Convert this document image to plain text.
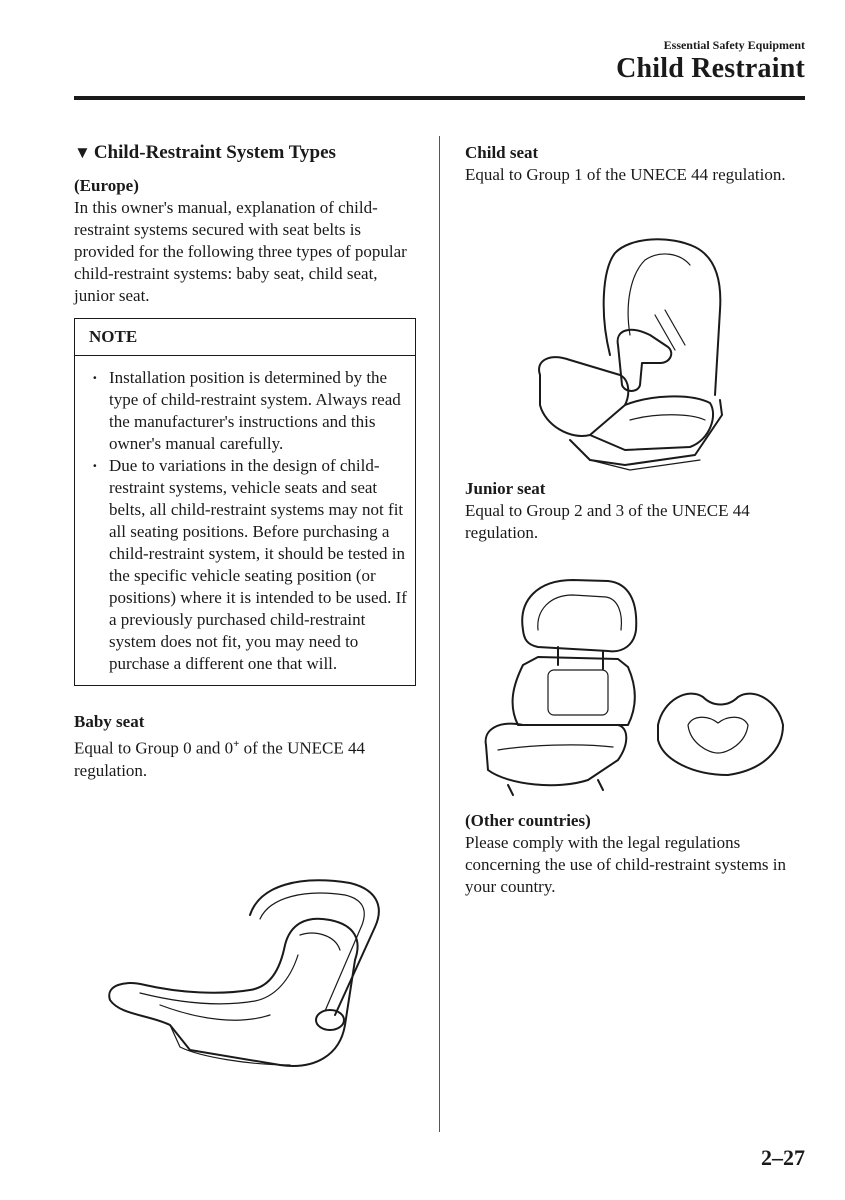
Essential Safety Equipment
Child Restraint
▼ Child-Restraint System Types
(Europe)
In this owner's manual, explanation of child-restraint systems secured with seat belts is provided for the following three types of popular child-restraint systems: baby seat, child seat, junior seat.
NOTE
· Installation position is determined by the type of child-restraint system. Always read the manufacturer's instructions and this owner's manual carefully.
· Due to variations in the design of child-restraint systems, vehicle seats and seat belts, all child-restraint systems may not fit all seating positions. Before purchasing a child-restraint system, it should be tested in the specific vehicle seating position (or positions) where it is intended to be used. If a previously purchased child-restraint system does not fit, you may need to purchase a different one that will.
Baby seat
Equal to Group 0 and 0+ of the UNECE 44 regulation.
Child seat
Equal to Group 1 of the UNECE 44 regulation.
Junior seat
Equal to Group 2 and 3 of the UNECE 44 regulation.
(Other countries)
Please comply with the legal regulations concerning the use of child-restraint systems in your country.
2–27
